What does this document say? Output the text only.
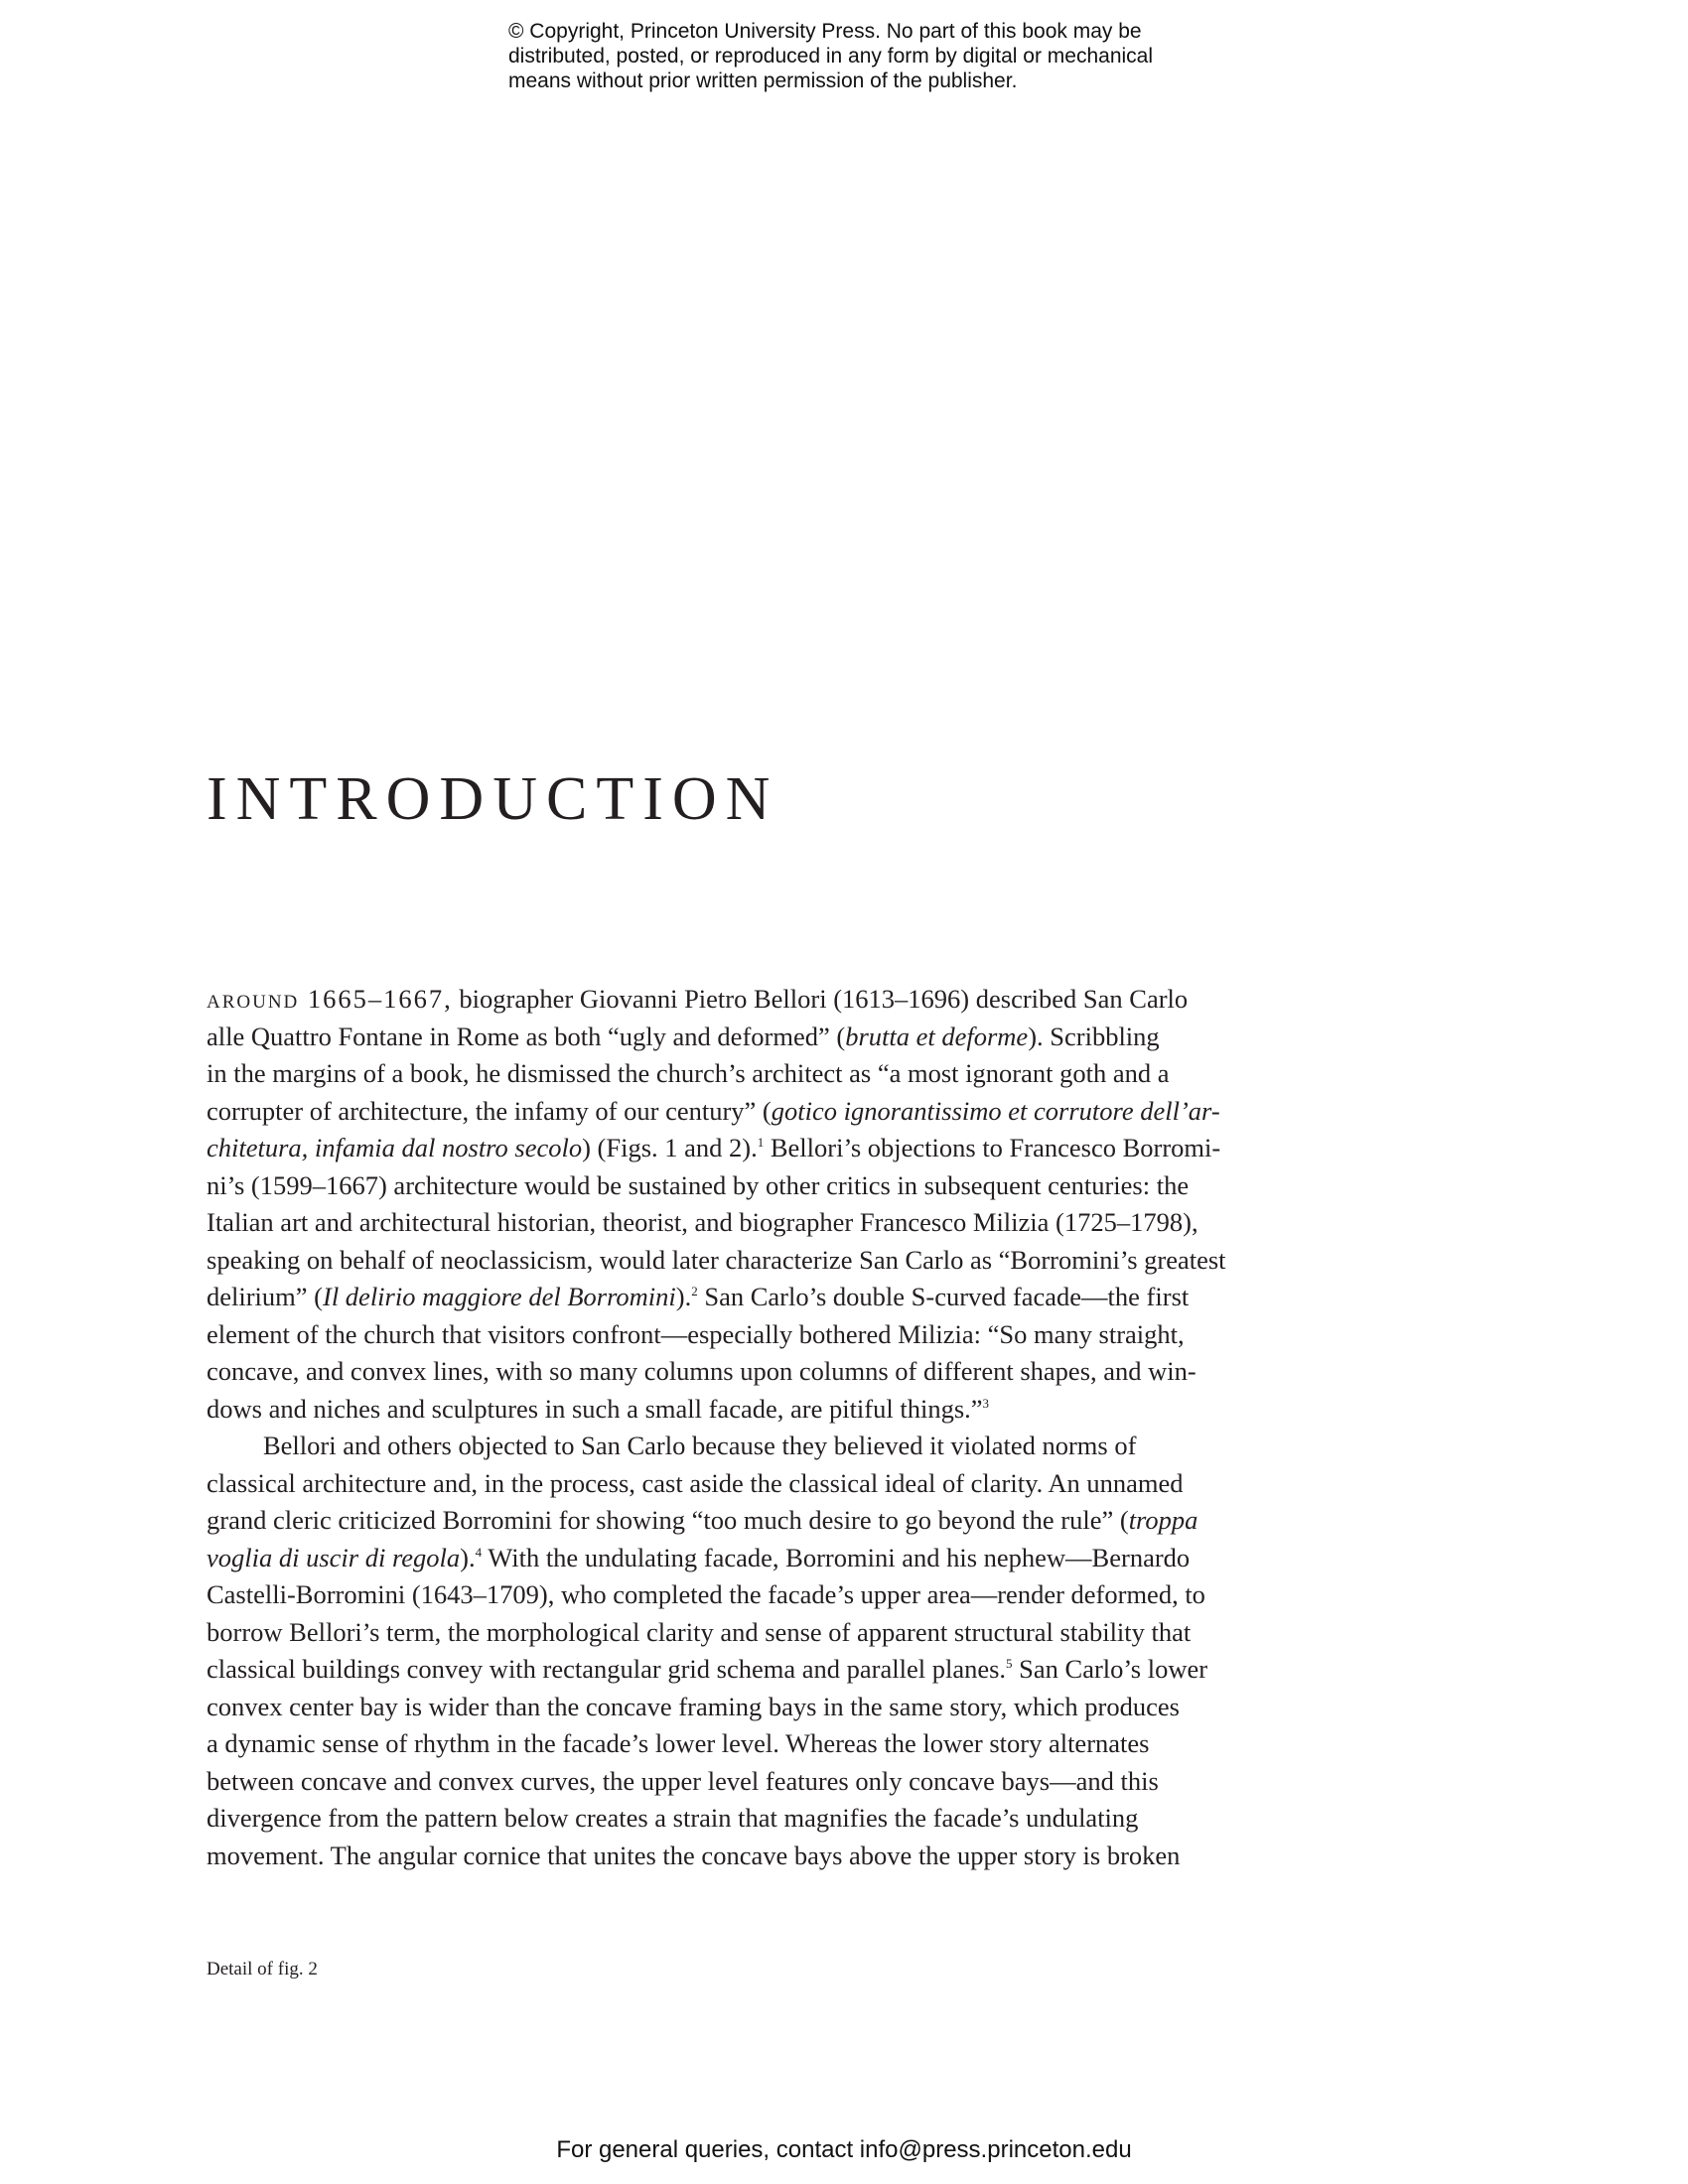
© Copyright, Princeton University Press. No part of this book may be
distributed, posted, or reproduced in any form by digital or mechanical
means without prior written permission of the publisher.
INTRODUCTION
around 1665–1667, biographer Giovanni Pietro Bellori (1613–1696) described San Carlo
alle Quattro Fontane in Rome as both “ugly and deformed” (brutta et deforme). Scribbling
in the margins of a book, he dismissed the church’s architect as “a most ignorant goth and a
corrupter of architecture, the infamy of our century” (gotico ignorantissimo et corrutore dell’ar-
chitetura, infamia dal nostro secolo) (Figs. 1 and 2).$^1$ Bellori’s objections to Francesco Borromi-
ni’s (1599–1667) architecture would be sustained by other critics in subsequent centuries: the
Italian art and architectural historian, theorist, and biographer Francesco Milizia (1725–1798),
speaking on behalf of neoclassicism, would later characterize San Carlo as “Borromini’s greatest
delirium” (Il delirio maggiore del Borromini).$^2$ San Carlo’s double S-curved facade—the first
element of the church that visitors confront—especially bothered Milizia: “So many straight,
concave, and convex lines, with so many columns upon columns of different shapes, and win-
dows and niches and sculptures in such a small facade, are pitiful things.”$^3$
Bellori and others objected to San Carlo because they believed it violated norms of
classical architecture and, in the process, cast aside the classical ideal of clarity. An unnamed
grand cleric criticized Borromini for showing “too much desire to go beyond the rule” (troppa
voglia di uscir di regola).$^4$ With the undulating facade, Borromini and his nephew—Bernardo
Castelli-Borromini (1643–1709), who completed the facade’s upper area—render deformed, to
borrow Bellori’s term, the morphological clarity and sense of apparent structural stability that
classical buildings convey with rectangular grid schema and parallel planes.$^5$ San Carlo’s lower
convex center bay is wider than the concave framing bays in the same story, which produces
a dynamic sense of rhythm in the facade’s lower level. Whereas the lower story alternates
between concave and convex curves, the upper level features only concave bays—and this
divergence from the pattern below creates a strain that magnifies the facade’s undulating
movement. The angular cornice that unites the concave bays above the upper story is broken
Detail of fig. 2
For general queries, contact info@press.princeton.edu
